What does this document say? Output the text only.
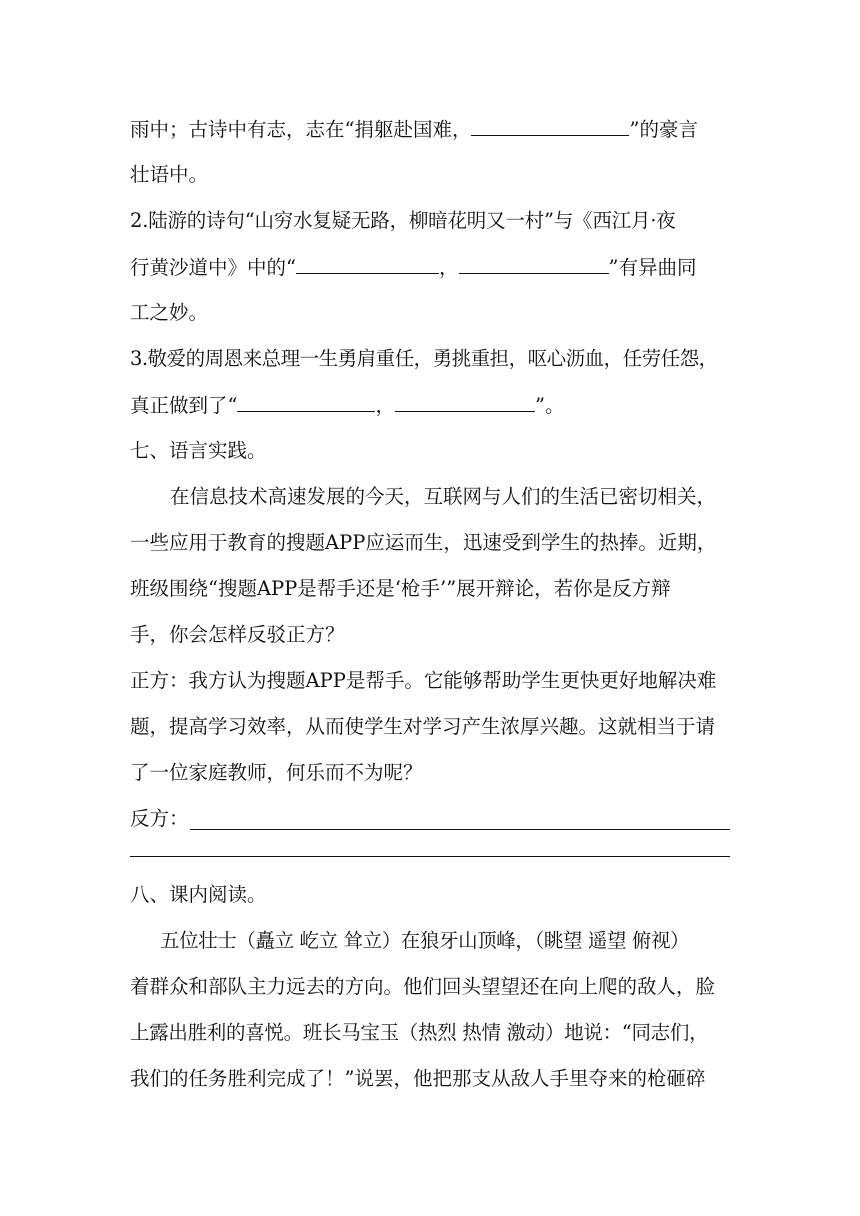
雨中；古诗中有志，志在“捐躯赴国难，	”的豪言
壮语中。
2.陆游的诗句“山穷水复疑无路，柳暗花明又一村”与《西江月·夜
行黄沙道中》中的“	，	”有异曲同
工之妙。
3.敬爱的周恩来总理一生勇肩重任，勇挑重担，呕心沥血，任劳任怨，
真正做到了“	，	”。
七、语言实践。
在信息技术高速发展的今天，互联网与人们的生活已密切相关，
一些应用于教育的搜题APP应运而生，迅速受到学生的热捧。近期，
班级围绕“搜题APP是帮手还是‘枪手’”展开辩论，若你是反方辩
手，你会怎样反驳正方？
正方：我方认为搜题APP是帮手。它能够帮助学生更快更好地解决难
题，提高学习效率，从而使学生对学习产生浓厚兴趣。这就相当于请
了一位家庭教师，何乐而不为呢？
反方：
八、课内阅读。
五位壮士（矗立 屹立 耸立）在狼牙山顶峰，（眺望 遥望 俯视）
着群众和部队主力远去的方向。他们回头望望还在向上爬的敌人，脸
上露出胜利的喜悦。班长马宝玉（热烈 热情 激动）地说：“同志们，
我们的任务胜利完成了！”说罢，他把那支从敌人手里夺来的枪砸碎
